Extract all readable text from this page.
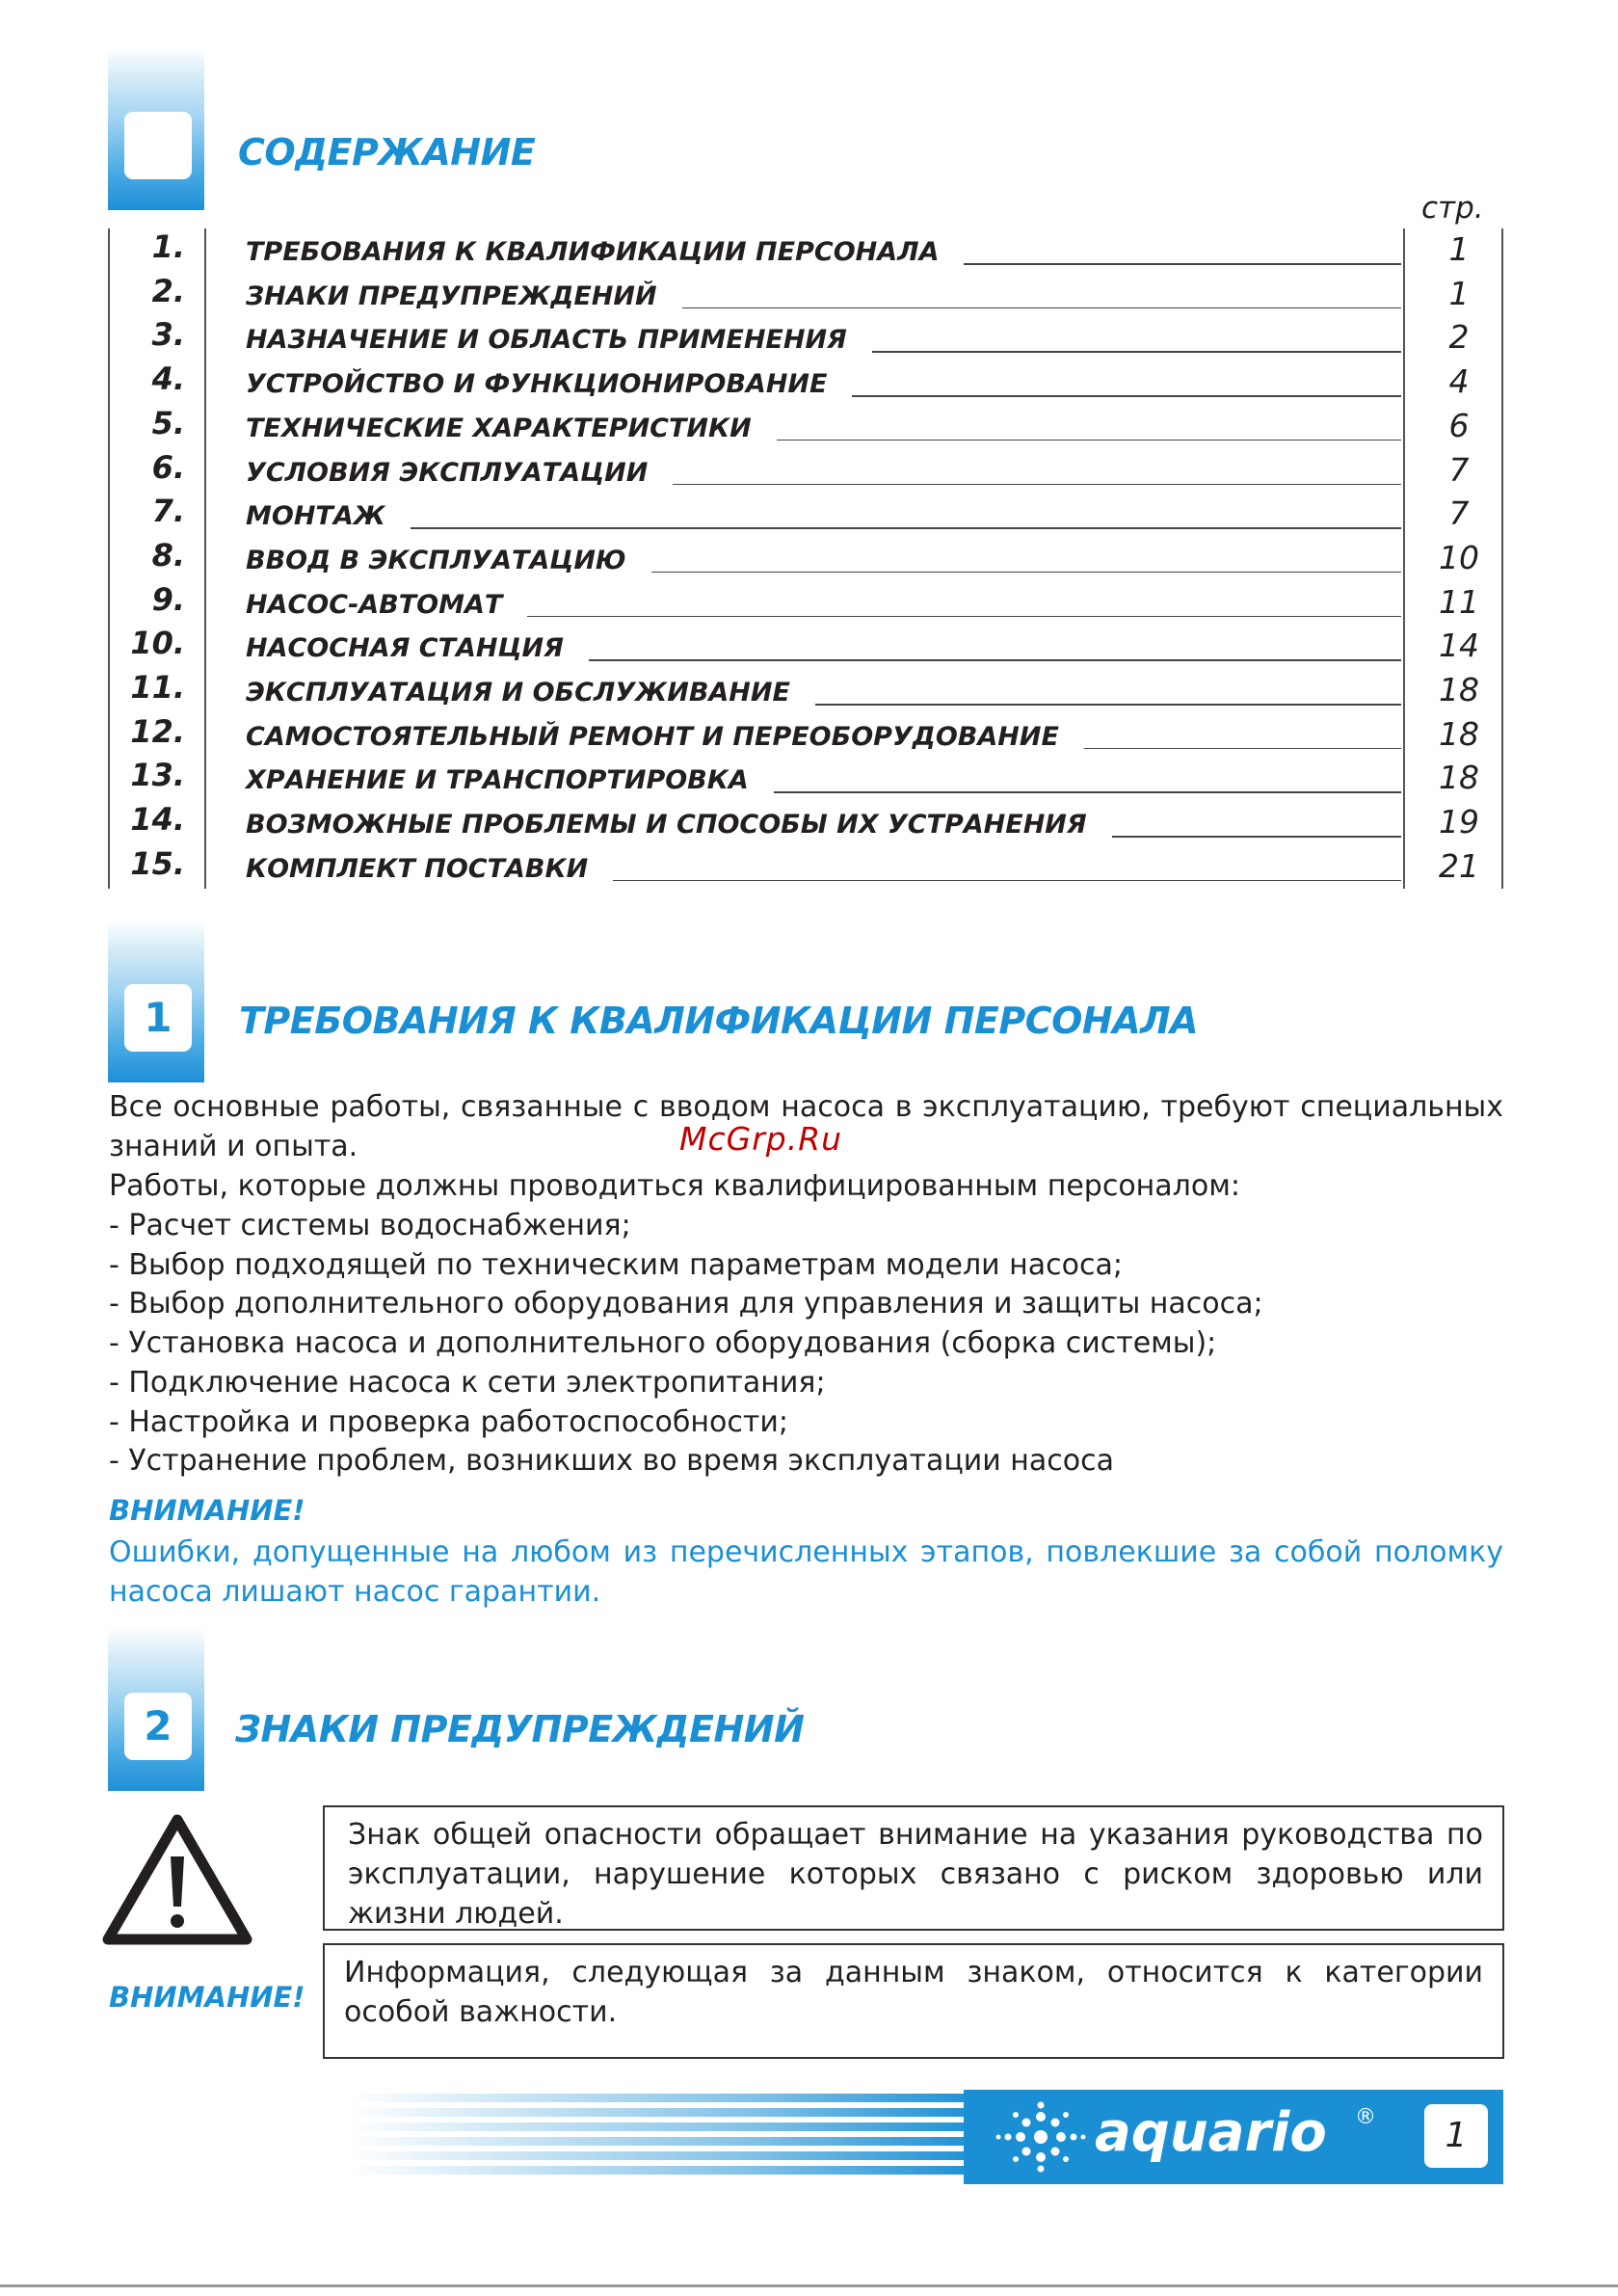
СОДЕРЖАНИЕ
стр.
1. ТРЕБОВАНИЯ К КВАЛИФИКАЦИИ ПЕРСОНАЛА	1
2. ЗНАКИ ПРЕДУПРЕЖДЕНИЙ	1
3. НАЗНАЧЕНИЕ И ОБЛАСТЬ ПРИМЕНЕНИЯ	2
4. УСТРОЙСТВО И ФУНКЦИОНИРОВАНИЕ	4
5. ТЕХНИЧЕСКИЕ ХАРАКТЕРИСТИКИ	6
6. УСЛОВИЯ ЭКСПЛУАТАЦИИ	7
7. МОНТАЖ	7
8. ВВОД В ЭКСПЛУАТАЦИЮ	10
9. НАСОС-АВТОМАТ	11
10. НАСОСНАЯ СТАНЦИЯ	14
11. ЭКСПЛУАТАЦИЯ И ОБСЛУЖИВАНИЕ	18
12. САМОСТОЯТЕЛЬНЫЙ РЕМОНТ И ПЕРЕОБОРУДОВАНИЕ	18
13. ХРАНЕНИЕ И ТРАНСПОРТИРОВКА	18
14. ВОЗМОЖНЫЕ ПРОБЛЕМЫ И СПОСОБЫ ИХ УСТРАНЕНИЯ	19
15. КОМПЛЕКТ ПОСТАВКИ	21
1	ТРЕБОВАНИЯ К КВАЛИФИКАЦИИ ПЕРСОНАЛА
Все основные работы, связанные с вводом насоса в эксплуатацию, требуют специальных знаний и опыта.	McGrp.Ru
Работы, которые должны проводиться квалифицированным персоналом:
- Расчет системы водоснабжения;
- Выбор подходящей по техническим параметрам модели насоса;
- Выбор дополнительного оборудования для управления и защиты насоса;
- Установка насоса и дополнительного оборудования (сборка системы);
- Подключение насоса к сети электропитания;
- Настройка и проверка работоспособности;
- Устранение проблем, возникших во время эксплуатации насоса
ВНИМАНИЕ!
Ошибки, допущенные на любом из перечисленных этапов, повлекшие за собой поломку насоса лишают насос гарантии.
2	ЗНАКИ ПРЕДУПРЕЖДЕНИЙ
Знак общей опасности обращает внимание на указания руководства по эксплуатации, нарушение которых связано с риском здоровью или жизни людей.
ВНИМАНИЕ!
Информация, следующая за данным знаком, относится к категории особой важности.
aquario ®	1
